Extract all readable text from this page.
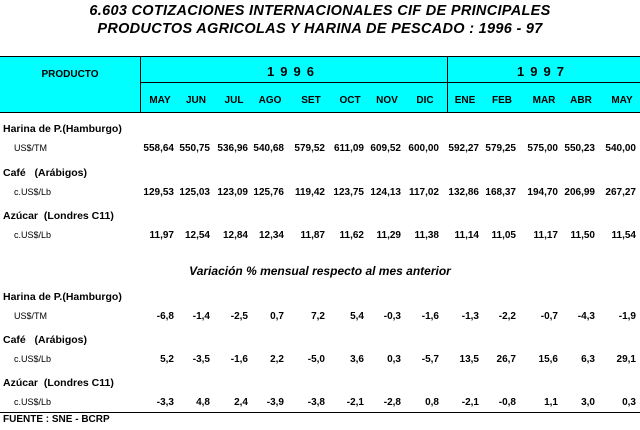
6.603 COTIZACIONES INTERNACIONALES CIF DE PRINCIPALES
PRODUCTOS AGRICOLAS Y HARINA DE PESCADO : 1996 - 97
PRODUCTO	1996	1997
MAY	JUN	JUL	AGO	SET	OCT	NOV	DIC	ENE	FEB	MAR	ABR	MAY
Harina de P.(Hamburgo)
US$/TM	558,64 550,75 536,96 540,68	579,52 611,09 609,52 600,00 592,27 579,25	575,00 550,23	540,00
Café   (Arábigos)
c.US$/Lb	129,53 125,03 123,09 125,76	119,42 123,75 124,13 117,02 132,86 168,37	194,70 206,99	267,27
Azúcar  (Londres C11)
c.US$/Lb	11,97	12,54	12,84	12,34	11,87	11,62	11,29	11,38	11,14	11,05	11,17	11,50	11,54
Harina de P.(Hamburgo)
US$/TM	-6,8	-1,4	-2,5	0,7	7,2	5,4	-0,3	-1,6	-1,3	-2,2	-0,7	-4,3	-1,9
Café   (Arábigos)
c.US$/Lb	5,2	-3,5	-1,6	2,2	-5,0	3,6	0,3	-5,7	13,5	26,7	15,6	6,3	29,1
Azúcar  (Londres C11)
c.US$/Lb	-3,3	4,8	2,4	-3,9	-3,8	-2,1	-2,8	0,8	-2,1	-0,8	1,1	3,0	0,3
Variación % mensual respecto al mes anterior
FUENTE : SNE - BCRP
